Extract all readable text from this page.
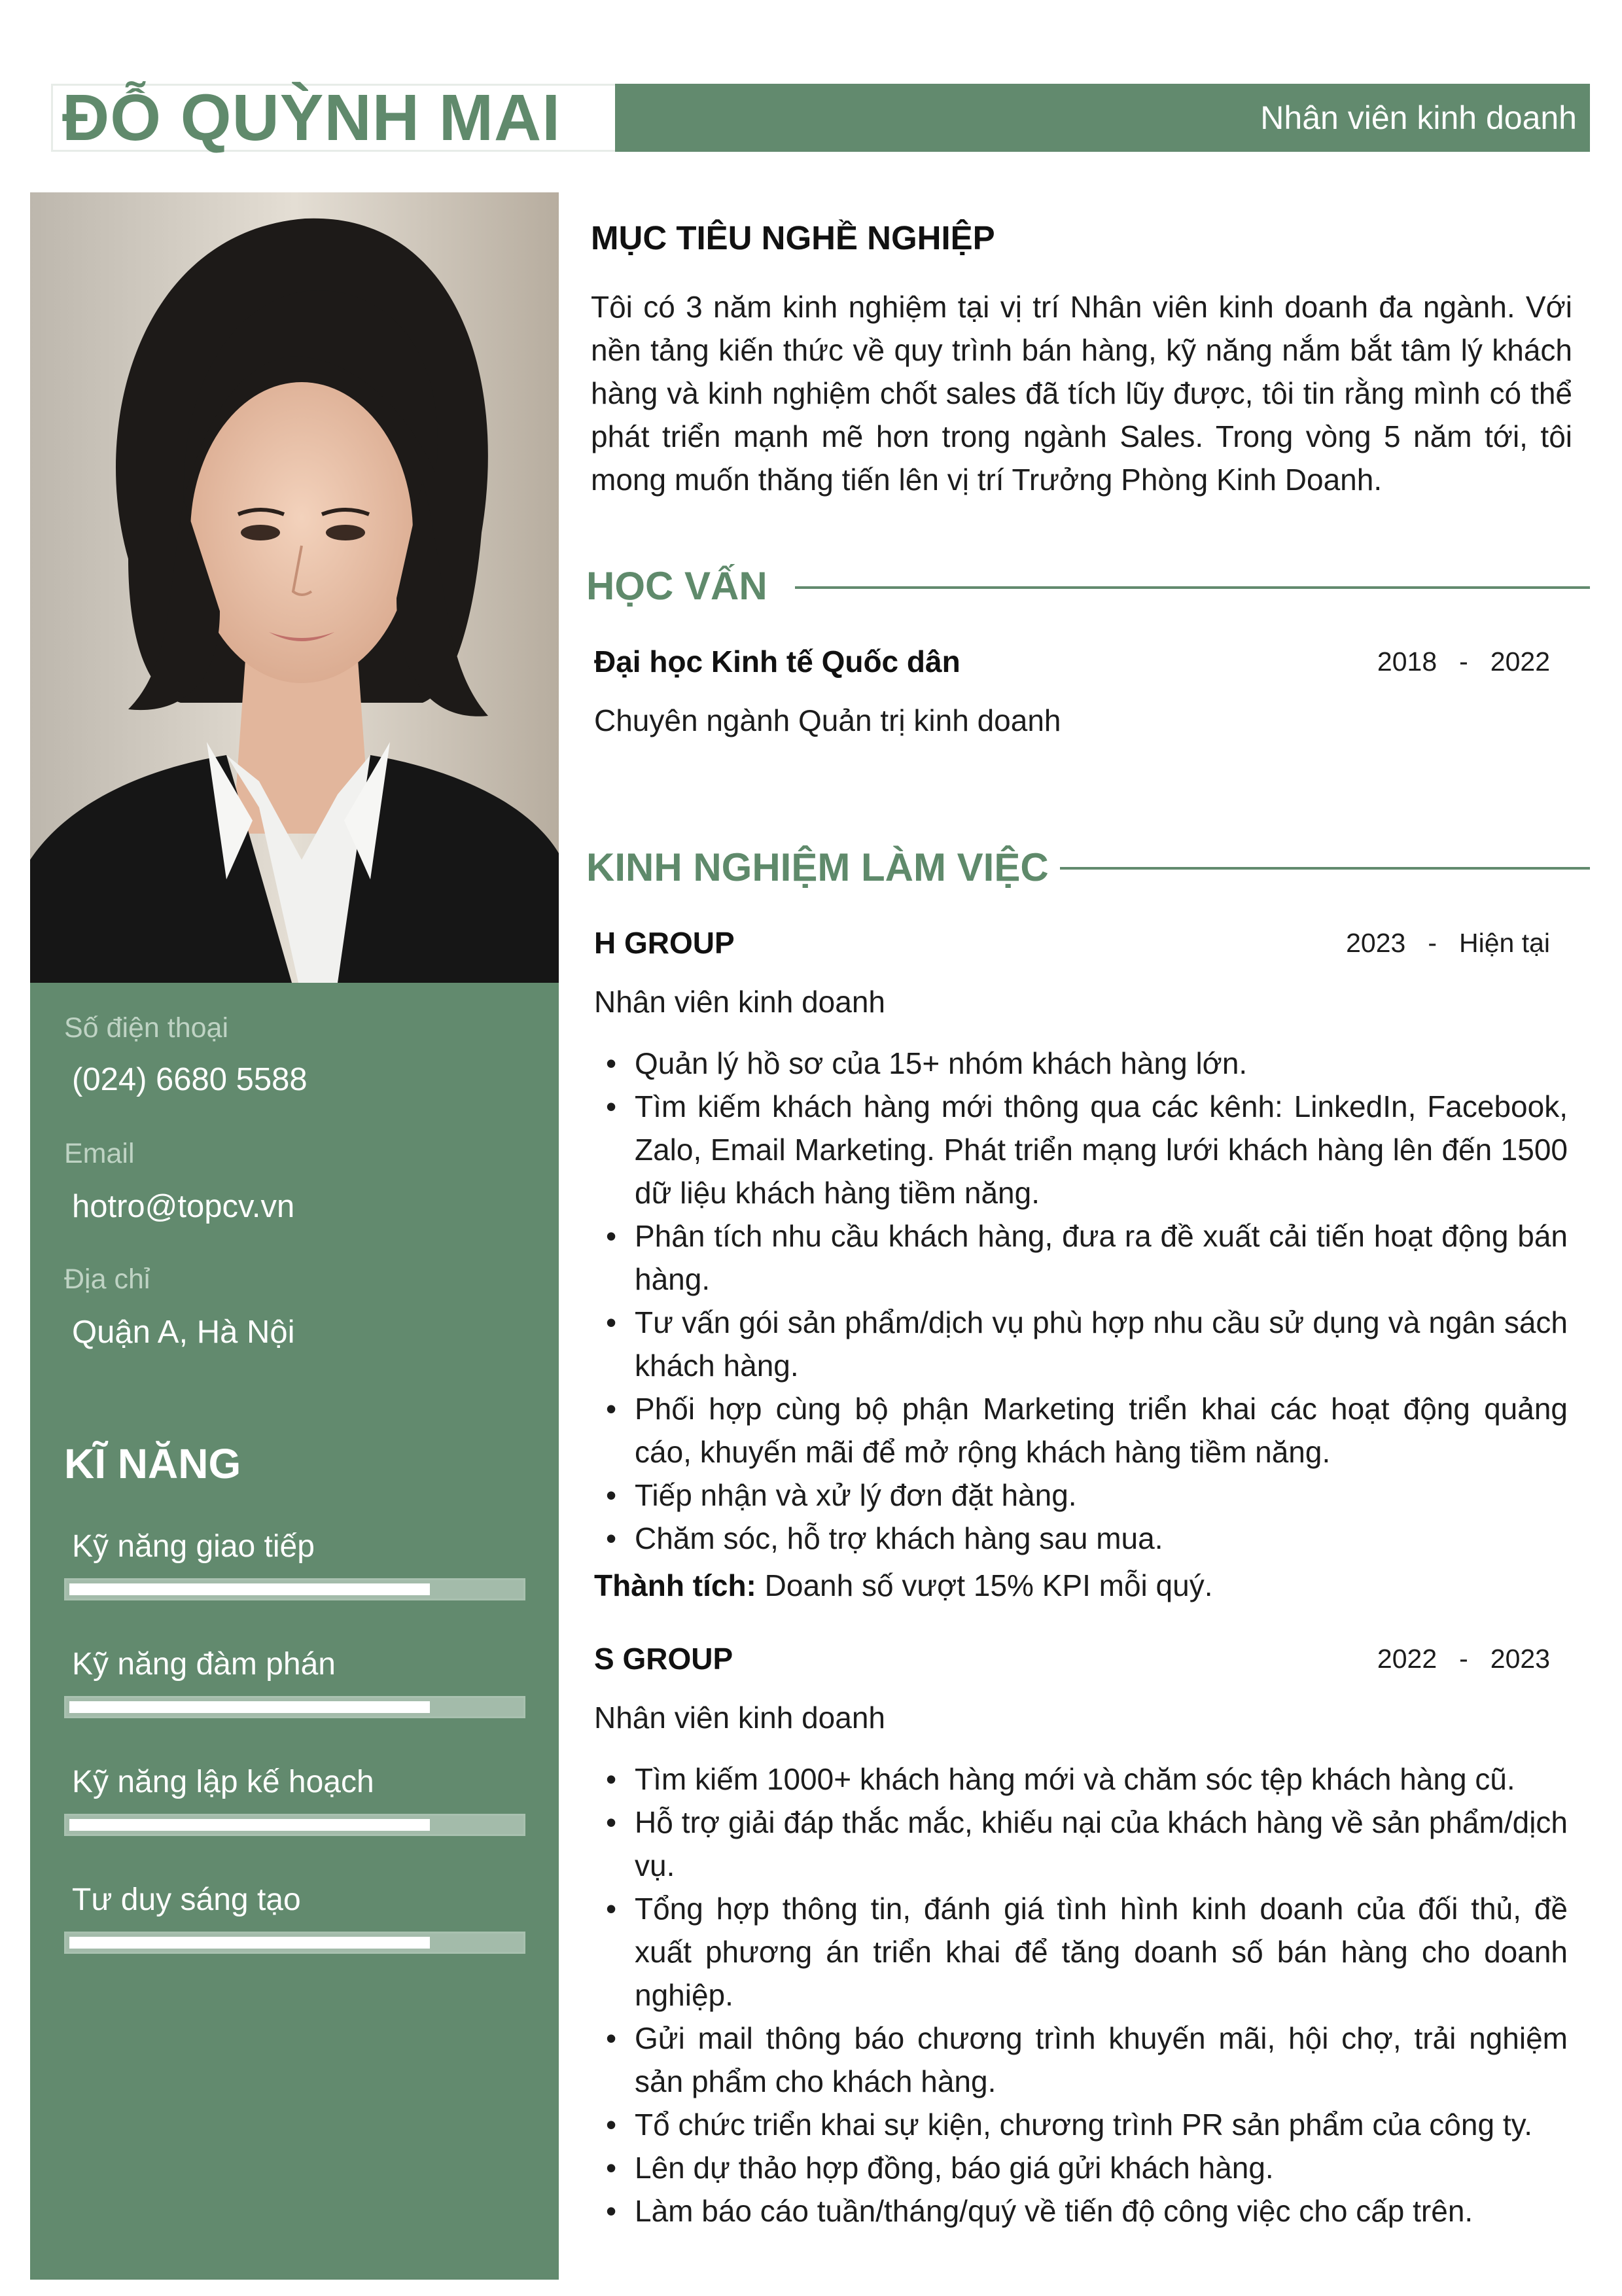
ĐỖ QUỲNH MAI	Nhân viên kinh doanh
Số điện thoại
(024) 6680 5588
Email
hotro@topcv.vn
Địa chỉ
Quận A, Hà Nội
KĨ NĂNG
Kỹ năng giao tiếp
Kỹ năng đàm phán
Kỹ năng lập kế hoạch
Tư duy sáng tạo
MỤC TIÊU NGHỀ NGHIỆP

Tôi có 3 năm kinh nghiệm tại vị trí Nhân viên kinh doanh đa ngành. Với nền tảng kiến thức về quy trình bán hàng, kỹ năng nắm bắt tâm lý khách hàng và kinh nghiệm chốt sales đã tích lũy được, tôi tin rằng mình có thể phát triển mạnh mẽ hơn trong ngành Sales. Trong vòng 5 năm tới, tôi mong muốn thăng tiến lên vị trí Trưởng Phòng Kinh Doanh.

HỌC VẤN
Đại học Kinh tế Quốc dân	2018 - 2022
Chuyên ngành Quản trị kinh doanh
KINH NGHIỆM LÀM VIỆC
H GROUP	2023 - Hiện tại
Nhân viên kinh doanh
• Quản lý hồ sơ của 15+ nhóm khách hàng lớn.
• Tìm kiếm khách hàng mới thông qua các kênh: LinkedIn, Facebook, Zalo, Email Marketing. Phát triển mạng lưới khách hàng lên đến 1500 dữ liệu khách hàng tiềm năng.
• Phân tích nhu cầu khách hàng, đưa ra đề xuất cải tiến hoạt động bán hàng.
• Tư vấn gói sản phẩm/dịch vụ phù hợp nhu cầu sử dụng và ngân sách khách hàng.
• Phối hợp cùng bộ phận Marketing triển khai các hoạt động quảng cáo, khuyến mãi để mở rộng khách hàng tiềm năng.
• Tiếp nhận và xử lý đơn đặt hàng.
• Chăm sóc, hỗ trợ khách hàng sau mua.
Thành tích: Doanh số vượt 15% KPI mỗi quý.
S GROUP	2022 - 2023
Nhân viên kinh doanh
• Tìm kiếm 1000+ khách hàng mới và chăm sóc tệp khách hàng cũ.
• Hỗ trợ giải đáp thắc mắc, khiếu nại của khách hàng về sản phẩm/dịch vụ.
• Tổng hợp thông tin, đánh giá tình hình kinh doanh của đối thủ, đề xuất phương án triển khai để tăng doanh số bán hàng cho doanh nghiệp.
• Gửi mail thông báo chương trình khuyến mãi, hội chợ, trải nghiệm sản phẩm cho khách hàng.
• Tổ chức triển khai sự kiện, chương trình PR sản phẩm của công ty.
• Lên dự thảo hợp đồng, báo giá gửi khách hàng.
• Làm báo cáo tuần/tháng/quý về tiến độ công việc cho cấp trên.
